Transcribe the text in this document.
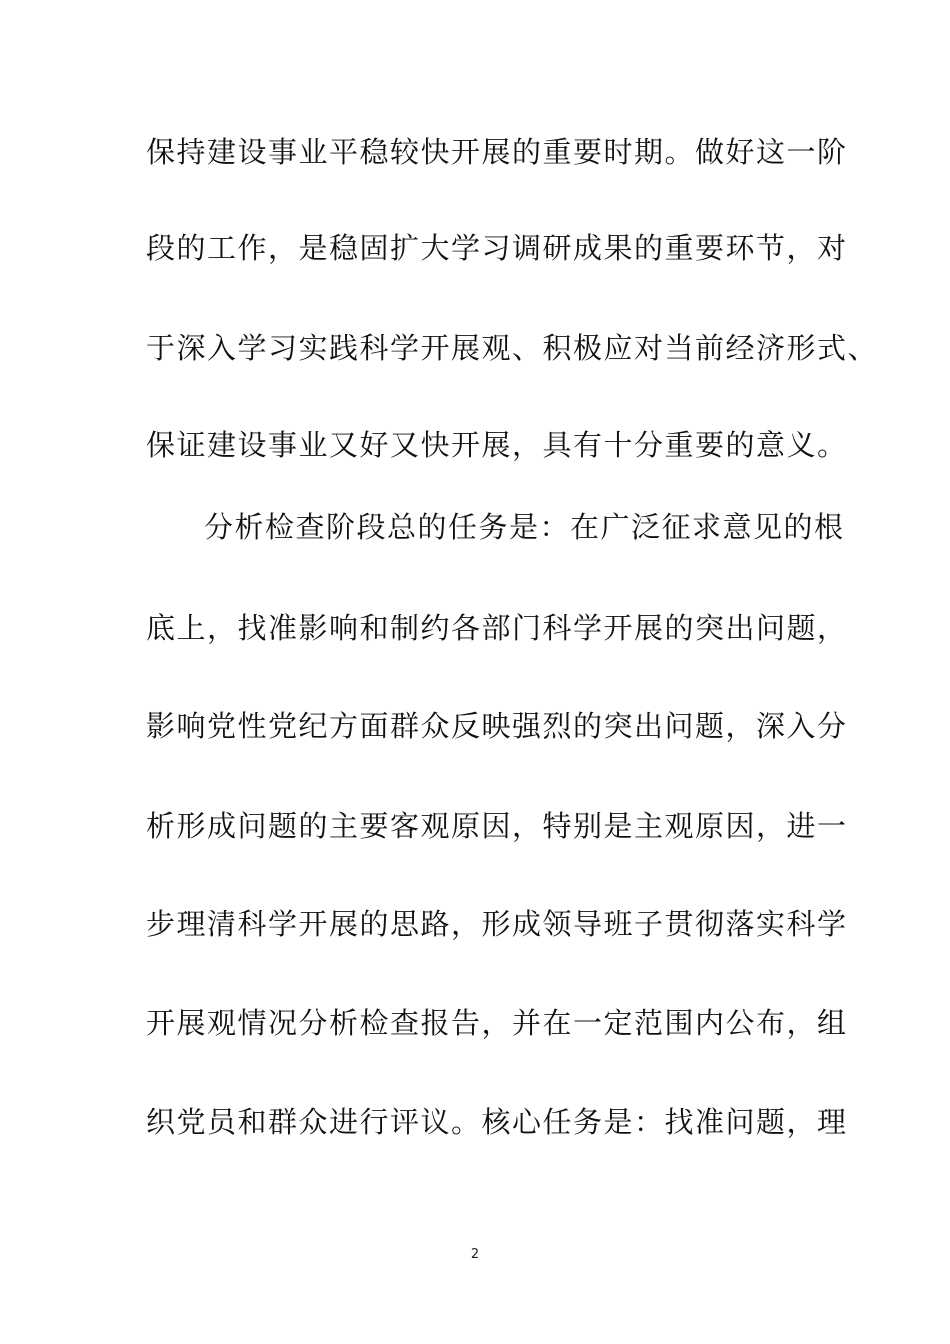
保持建设事业平稳较快开展的重要时期。做好这一阶

段的工作，是稳固扩大学习调研成果的重要环节，对

于深入学习实践科学开展观、积极应对当前经济形式、

保证建设事业又好又快开展，具有十分重要的意义。

分析检查阶段总的任务是：在广泛征求意见的根

底上，找准影响和制约各部门科学开展的突出问题，

影响党性党纪方面群众反映强烈的突出问题，深入分

析形成问题的主要客观原因，特别是主观原因，进一

步理清科学开展的思路，形成领导班子贯彻落实科学

开展观情况分析检查报告，并在一定范围内公布，组

织党员和群众进行评议。核心任务是：找准问题，理

2
